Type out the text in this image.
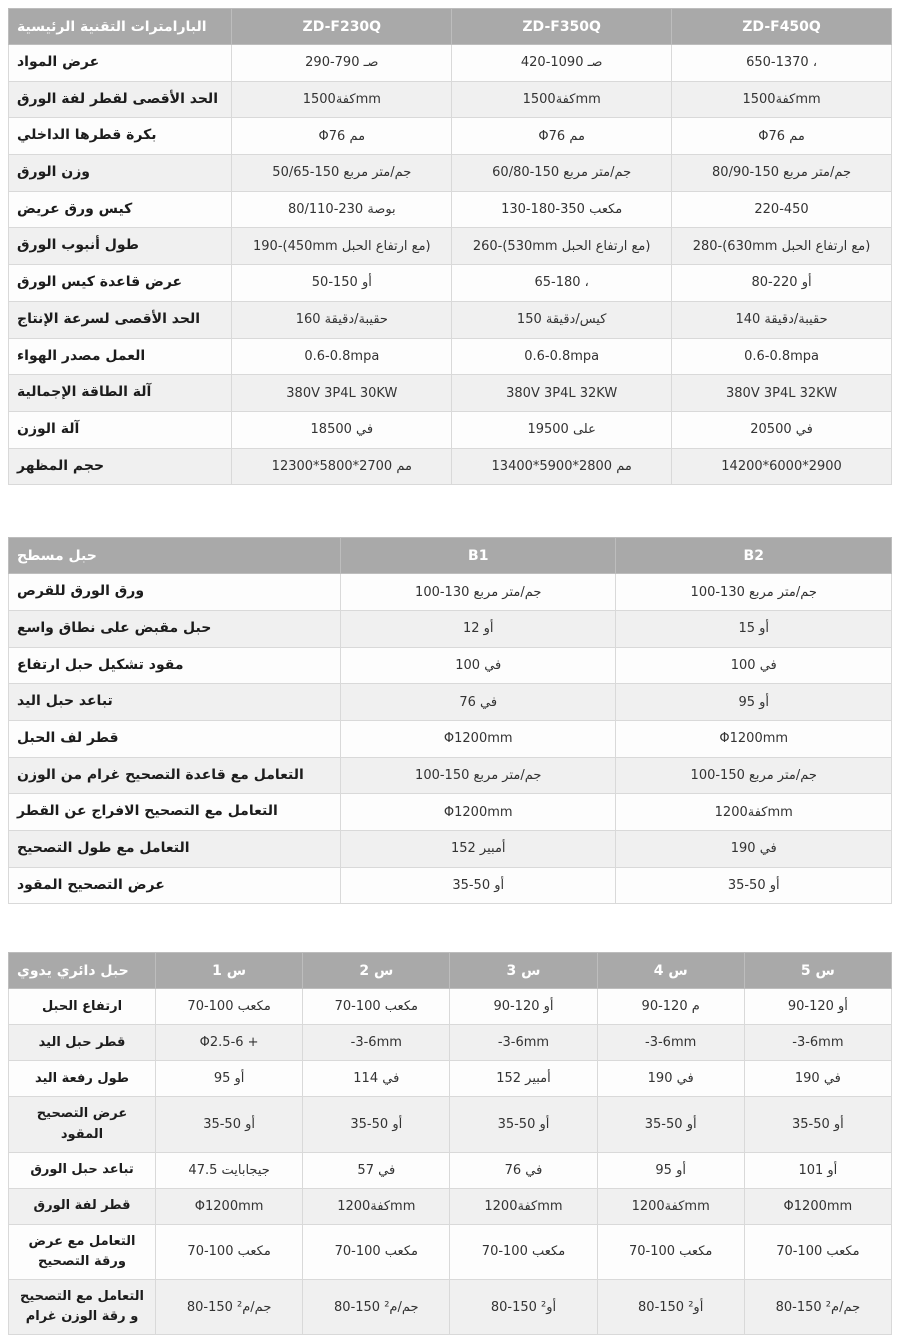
البارامترات التقنية الرئيسية	ZD-F230Q	ZD-F350Q	ZD-F450Q
عرض المواد	290-790 صـ	420-1090 صـ	650-1370 ،
الحد الأقصى لقطر لفة الورق	1500كفةmm	1500كفةmm	1500كفةmm
بكرة قطرها الداخلي	Φ76 مم	Φ76 مم	Φ76 مم
وزن الورق	50/65-150 جم/متر مربع	60/80-150 جم/متر مربع	80/90-150 جم/متر مربع
كيس ورق عريض	80/110-230 بوصة	130-180-350 مكعب	220-450
طول أنبوب الورق	190-(450mm مع ارتفاع الحبل)	260-(530mm مع ارتفاع الحبل)	280-(630mm مع ارتفاع الحبل)
عرض قاعدة كيس الورق	50-150 أو	65-180 ،	80-220 أو
الحد الأقصى لسرعة الإنتاج	160 حقيبة/دقيقة	150 كيس/دقيقة	140 حقيبة/دقيقة
العمل مصدر الهواء	0.6-0.8mpa	0.6-0.8mpa	0.6-0.8mpa
آلة الطاقة الإجمالية	380V 3P4L 30KW	380V 3P4L 32KW	380V 3P4L 32KW
آلة الوزن	18500 في	19500 على	20500 في
حجم المظهر	12300*5800*2700 مم	13400*5900*2800 مم	14200*6000*2900
حبل مسطح	B1	B2
ورق الورق للقرص	100-130 جم/متر مربع	100-130 جم/متر مربع
حبل مقبض على نطاق واسع	12 أو	15 أو
مقود تشكيل حبل ارتفاع	100 في	100 في
تباعد حبل اليد	76 في	95 أو
قطر لف الحبل	Φ1200mm	Φ1200mm
التعامل مع قاعدة التصحيح غرام من الوزن	100-150 جم/متر مربع	100-150 جم/متر مربع
التعامل مع التصحيح الافراج عن القطر	Φ1200mm	1200كفةmm
التعامل مع طول التصحيح	152 أمبير	190 في
عرض التصحيح المقود	35-50 أو	35-50 أو
حبل دائري يدوي	1 س	2 س	3 س	4 س	5 س
ارتفاع الحبل	70-100 مكعب	70-100 مكعب	90-120 أو	90-120 م	90-120 أو
قطر حبل اليد	Φ2.5-6 +	-3-6mm	-3-6mm	-3-6mm	-3-6mm
طول رفعة اليد	95 أو	114 في	152 أمبير	190 في	190 في
عرض التصحيح المقود	35-50 أو	35-50 أو	35-50 أو	35-50 أو	35-50 أو
تباعد حبل الورق	47.5 جيجابايت	57 في	76 في	95 أو	101 أو
قطر لفة الورق	Φ1200mm	1200كفةmm	1200كفةmm	1200كفةmm	Φ1200mm
التعامل مع عرض ورقة التصحيح	70-100 مكعب	70-100 مكعب	70-100 مكعب	70-100 مكعب	70-100 مكعب
التعامل مع التصحيح و رقة الوزن غرام	80-150 ²جم/م	80-150 ²جم/م	80-150 ²أو	80-150 ²أو	80-150 ²جم/م
